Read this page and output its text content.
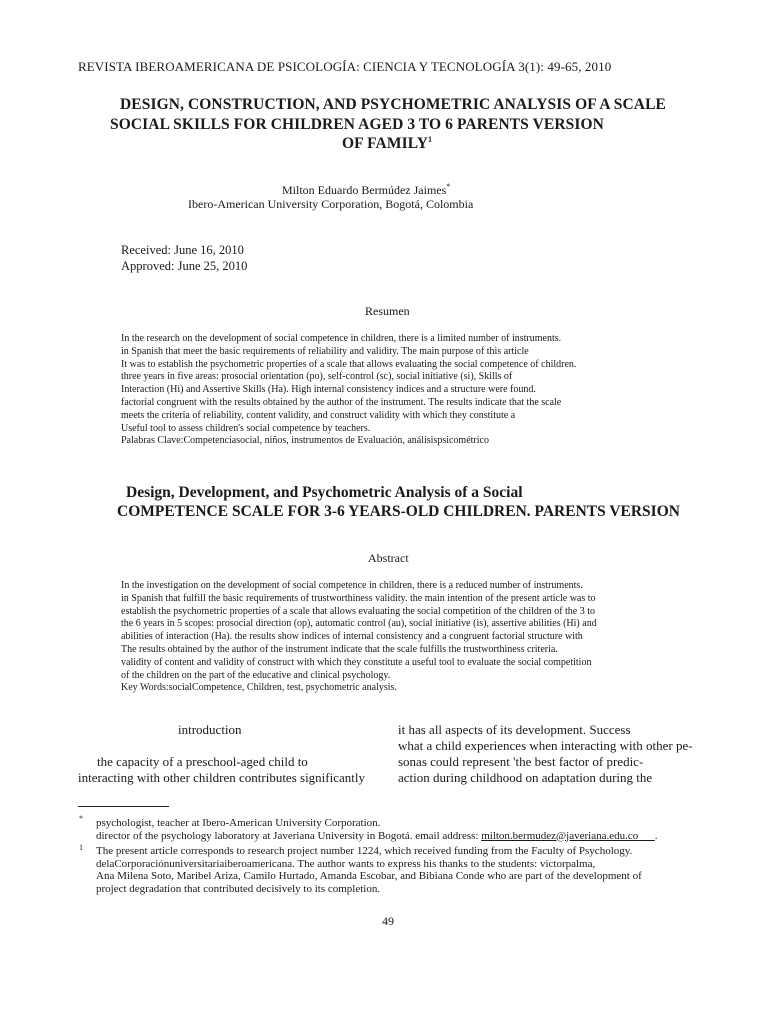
REVISTA IBEROAMERICANA DE PSICOLOGÍA: CIENCIA Y TECNOLOGÍA 3(1): 49-65, 2010
DESIGN, CONSTRUCTION, AND PSYCHOMETRIC ANALYSIS OF A SCALE
SOCIAL SKILLS FOR CHILDREN AGED 3 TO 6 PARENTS VERSION
OF FAMILY$^1$
Milton Eduardo Bermúdez Jaimes*
Ibero-American University Corporation, Bogotá, Colombia
Received: June 16, 2010
Approved: June 25, 2010
Resumen
In the research on the development of social competence in children, there is a limited number of instruments.
in Spanish that meet the basic requirements of reliability and validity. The main purpose of this article
It was to establish the psychometric properties of a scale that allows evaluating the social competence of children.
three years in five areas: prosocial orientation (po), self-control (sc), social initiative (si), Skills of
Interaction (Hi) and Assertive Skills (Ha). High internal consistency indices and a structure were found.
factorial congruent with the results obtained by the author of the instrument. The results indicate that the scale
meets the criteria of reliability, content validity, and construct validity with which they constitute a
Useful tool to assess children's social competence by teachers.
Palabras Clave:Competenciasocial, niños, instrumentos de Evaluación, análisispsicométrico
Design, Development, and Psychometric Analysis of a Social
COMPETENCE SCALE FOR 3-6 YEARS-OLD CHILDREN. PARENTS VERSION
Abstract
In the investigation on the development of social competence in children, there is a reduced number of instruments.
in Spanish that fulfill the basic requirements of trustworthiness validity. the main intention of the present article was to
establish the psychometric properties of a scale that allows evaluating the social competition of the children of the 3 to
the 6 years in 5 scopes: prosocial direction (op), automatic control (au), social initiative (is), assertive abilities (Hi) and
abilities of interaction (Ha). the results show indices of internal consistency and a congruent factorial structure with
The results obtained by the author of the instrument indicate that the scale fulfills the trustworthiness criteria.
validity of content and validity of construct with which they constitute a useful tool to evaluate the social competition
of the children on the part of the educative and clinical psychology.
Key Words:socialCompetence, Children, test, psychometric analysis.
introduction
the capacity of a preschool-aged child to
interacting with other children contributes significantly
it has all aspects of its development. Success
what a child experiences when interacting with other pe-
sonas could represent 'the best factor of predic-
action during childhood on adaptation during the
* psychologist, teacher at Ibero-American University Corporation.
director of the psychology laboratory at Javeriana University in Bogotá. email address: milton.bermudez@javeriana.edu.co .
1 The present article corresponds to research project number 1224, which received funding from the Faculty of Psychology.
delaCorporaciónuniversitariaiberoamericana. The author wants to express his thanks to the students: victorpalma,
Ana Milena Soto, Maribel Ariza, Camilo Hurtado, Amanda Escobar, and Bibiana Conde who are part of the development of
project degradation that contributed decisively to its completion.
49
